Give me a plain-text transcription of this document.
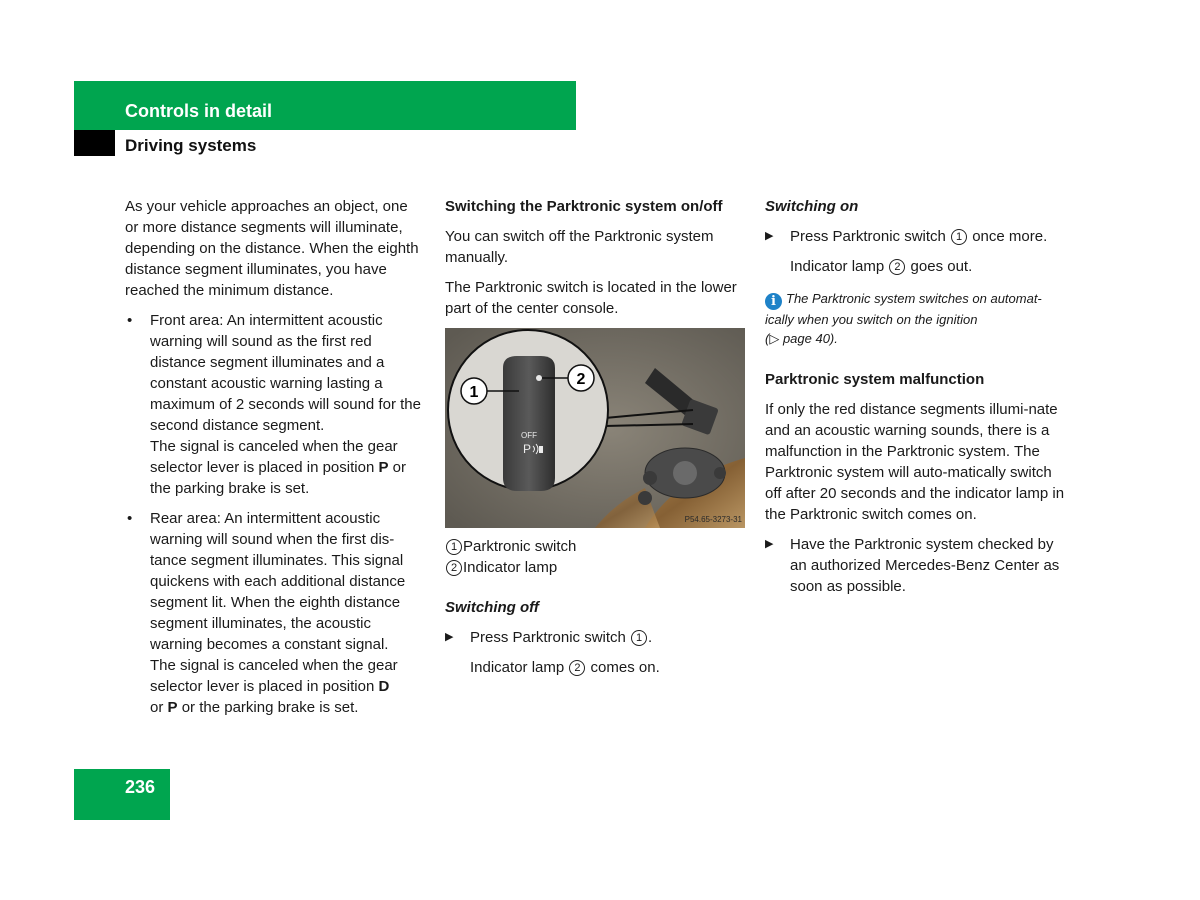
Controls in detail
Driving systems

As your vehicle approaches an object, one or more distance segments will illuminate, depending on the distance. When the eighth distance segment illuminates, you have reached the minimum distance.

• Front area: An intermittent acoustic warning will sound as the first red distance segment illuminates and a constant acoustic warning lasting a maximum of 2 seconds will sound for the second distance segment.
The signal is canceled when the gear selector lever is placed in position P or the parking brake is set.
• Rear area: An intermittent acoustic warning will sound when the first dis-tance segment illuminates. This signal quickens with each additional distance segment lit. When the eighth distance segment illuminates, the acoustic warning becomes a constant signal.
The signal is canceled when the gear selector lever is placed in position D
or P or the parking brake is set.
Switching the Parktronic system on/off

You can switch off the Parktronic system manually.

The Parktronic switch is located in the lower part of the center console.

OFF
P
1
2
P54.65-3273-31
1 Parktronic switch
2 Indicator lamp
Switching off
▶ Press Parktronic switch 1 .
Indicator lamp 2 comes on.
Switching on
▶ Press Parktronic switch 1 once more.
Indicator lamp 2 goes out.
i The Parktronic system switches on automat-ically when you switch on the ignition
(▷ page 40).
Parktronic system malfunction

If only the red distance segments illumi-nate and an acoustic warning sounds, there is a malfunction in the Parktronic system. The Parktronic system will auto-matically switch off after 20 seconds and the indicator lamp in the Parktronic switch comes on.

▶ Have the Parktronic system checked by an authorized Mercedes-Benz Center as soon as possible.
236
